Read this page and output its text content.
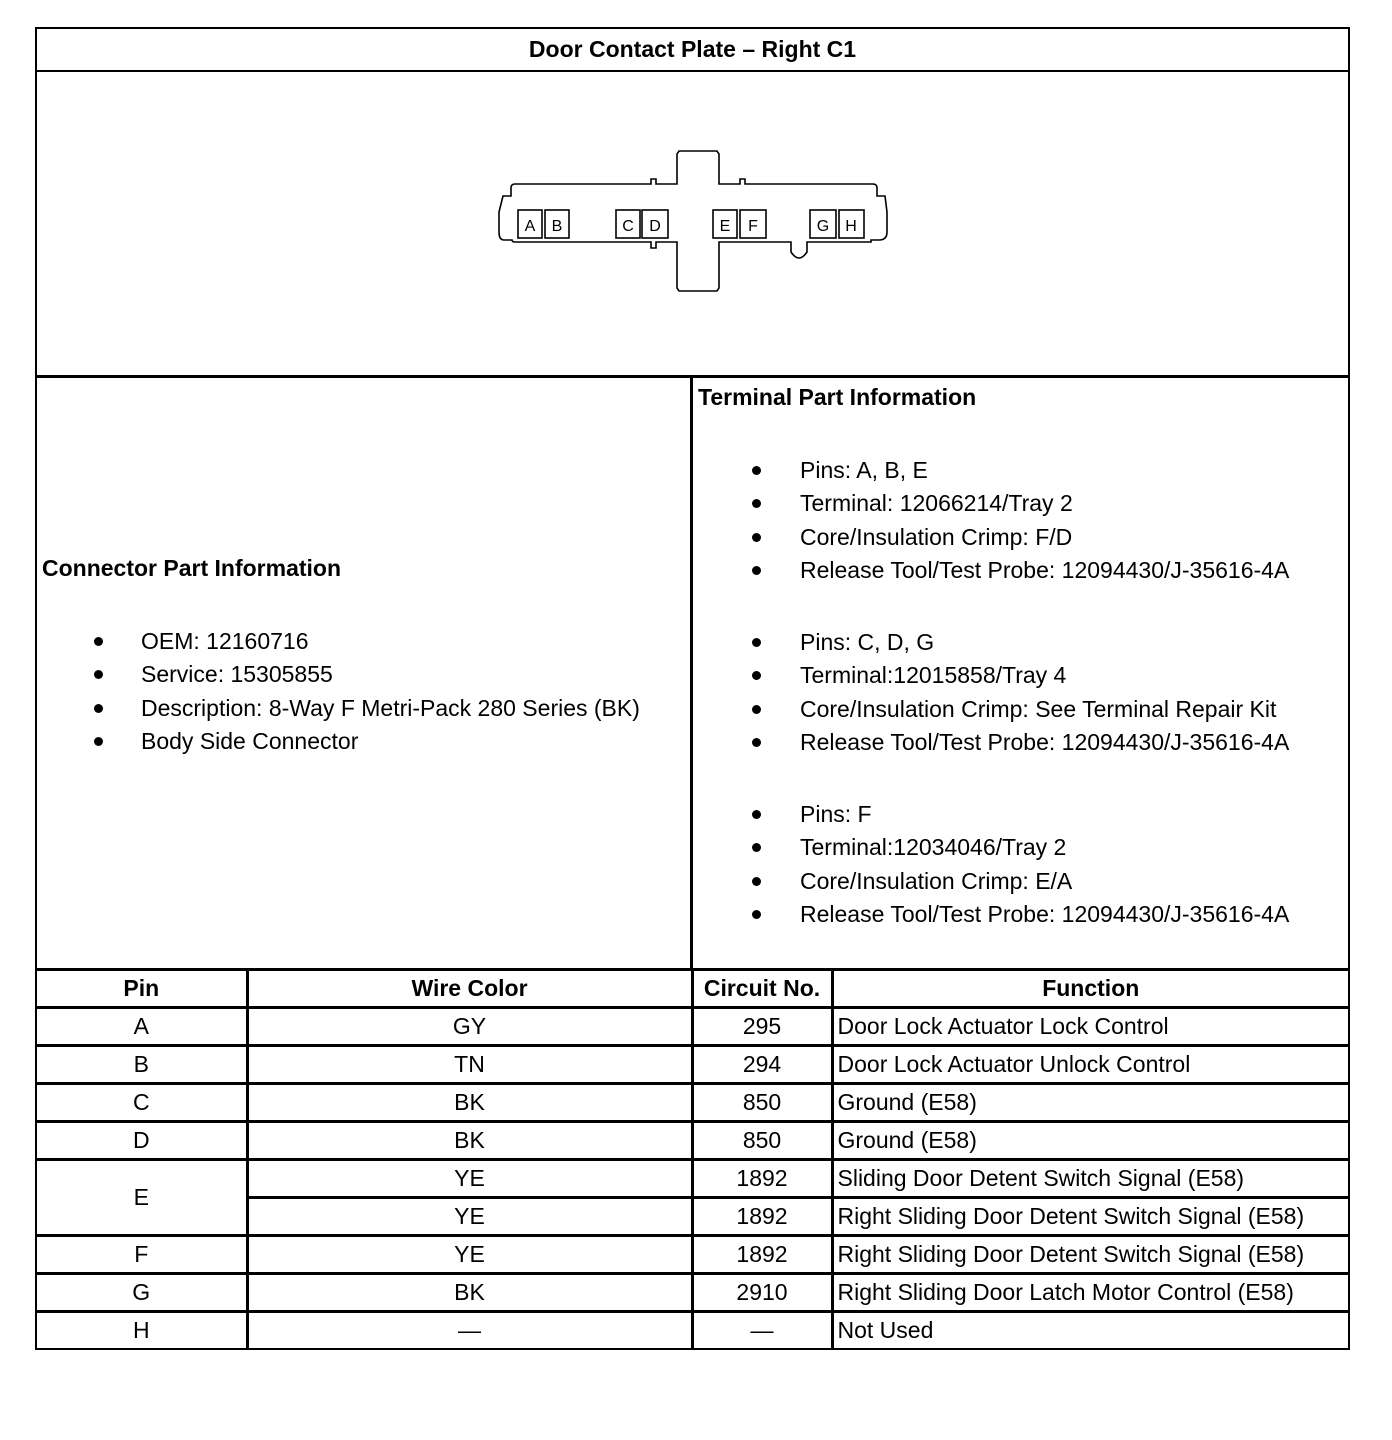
Door Contact Plate – Right C1
A B	C D	E F	G H
Connector Part Information
OEM: 12160716
Service: 15305855
Description: 8-Way F Metri-Pack 280 Series (BK)
Body Side Connector
Terminal Part Information
Pins: A, B, E
Terminal: 12066214/Tray 2
Core/Insulation Crimp: F/D
Release Tool/Test Probe: 12094430/J-35616-4A
Pins: C, D, G
Terminal:12015858/Tray 4
Core/Insulation Crimp: See Terminal Repair Kit
Release Tool/Test Probe: 12094430/J-35616-4A
Pins: F
Terminal:12034046/Tray 2
Core/Insulation Crimp: E/A
Release Tool/Test Probe: 12094430/J-35616-4A
Pin	Wire Color	Circuit No.	Function
A	GY	295	Door Lock Actuator Lock Control
B	TN	294	Door Lock Actuator Unlock Control
C	BK	850	Ground (E58)
D	BK	850	Ground (E58)
E	YE	1892	Sliding Door Detent Switch Signal (E58)
	YE	1892	Right Sliding Door Detent Switch Signal (E58)
F	YE	1892	Right Sliding Door Detent Switch Signal (E58)
G	BK	2910	Right Sliding Door Latch Motor Control (E58)
H	—	—	Not Used
